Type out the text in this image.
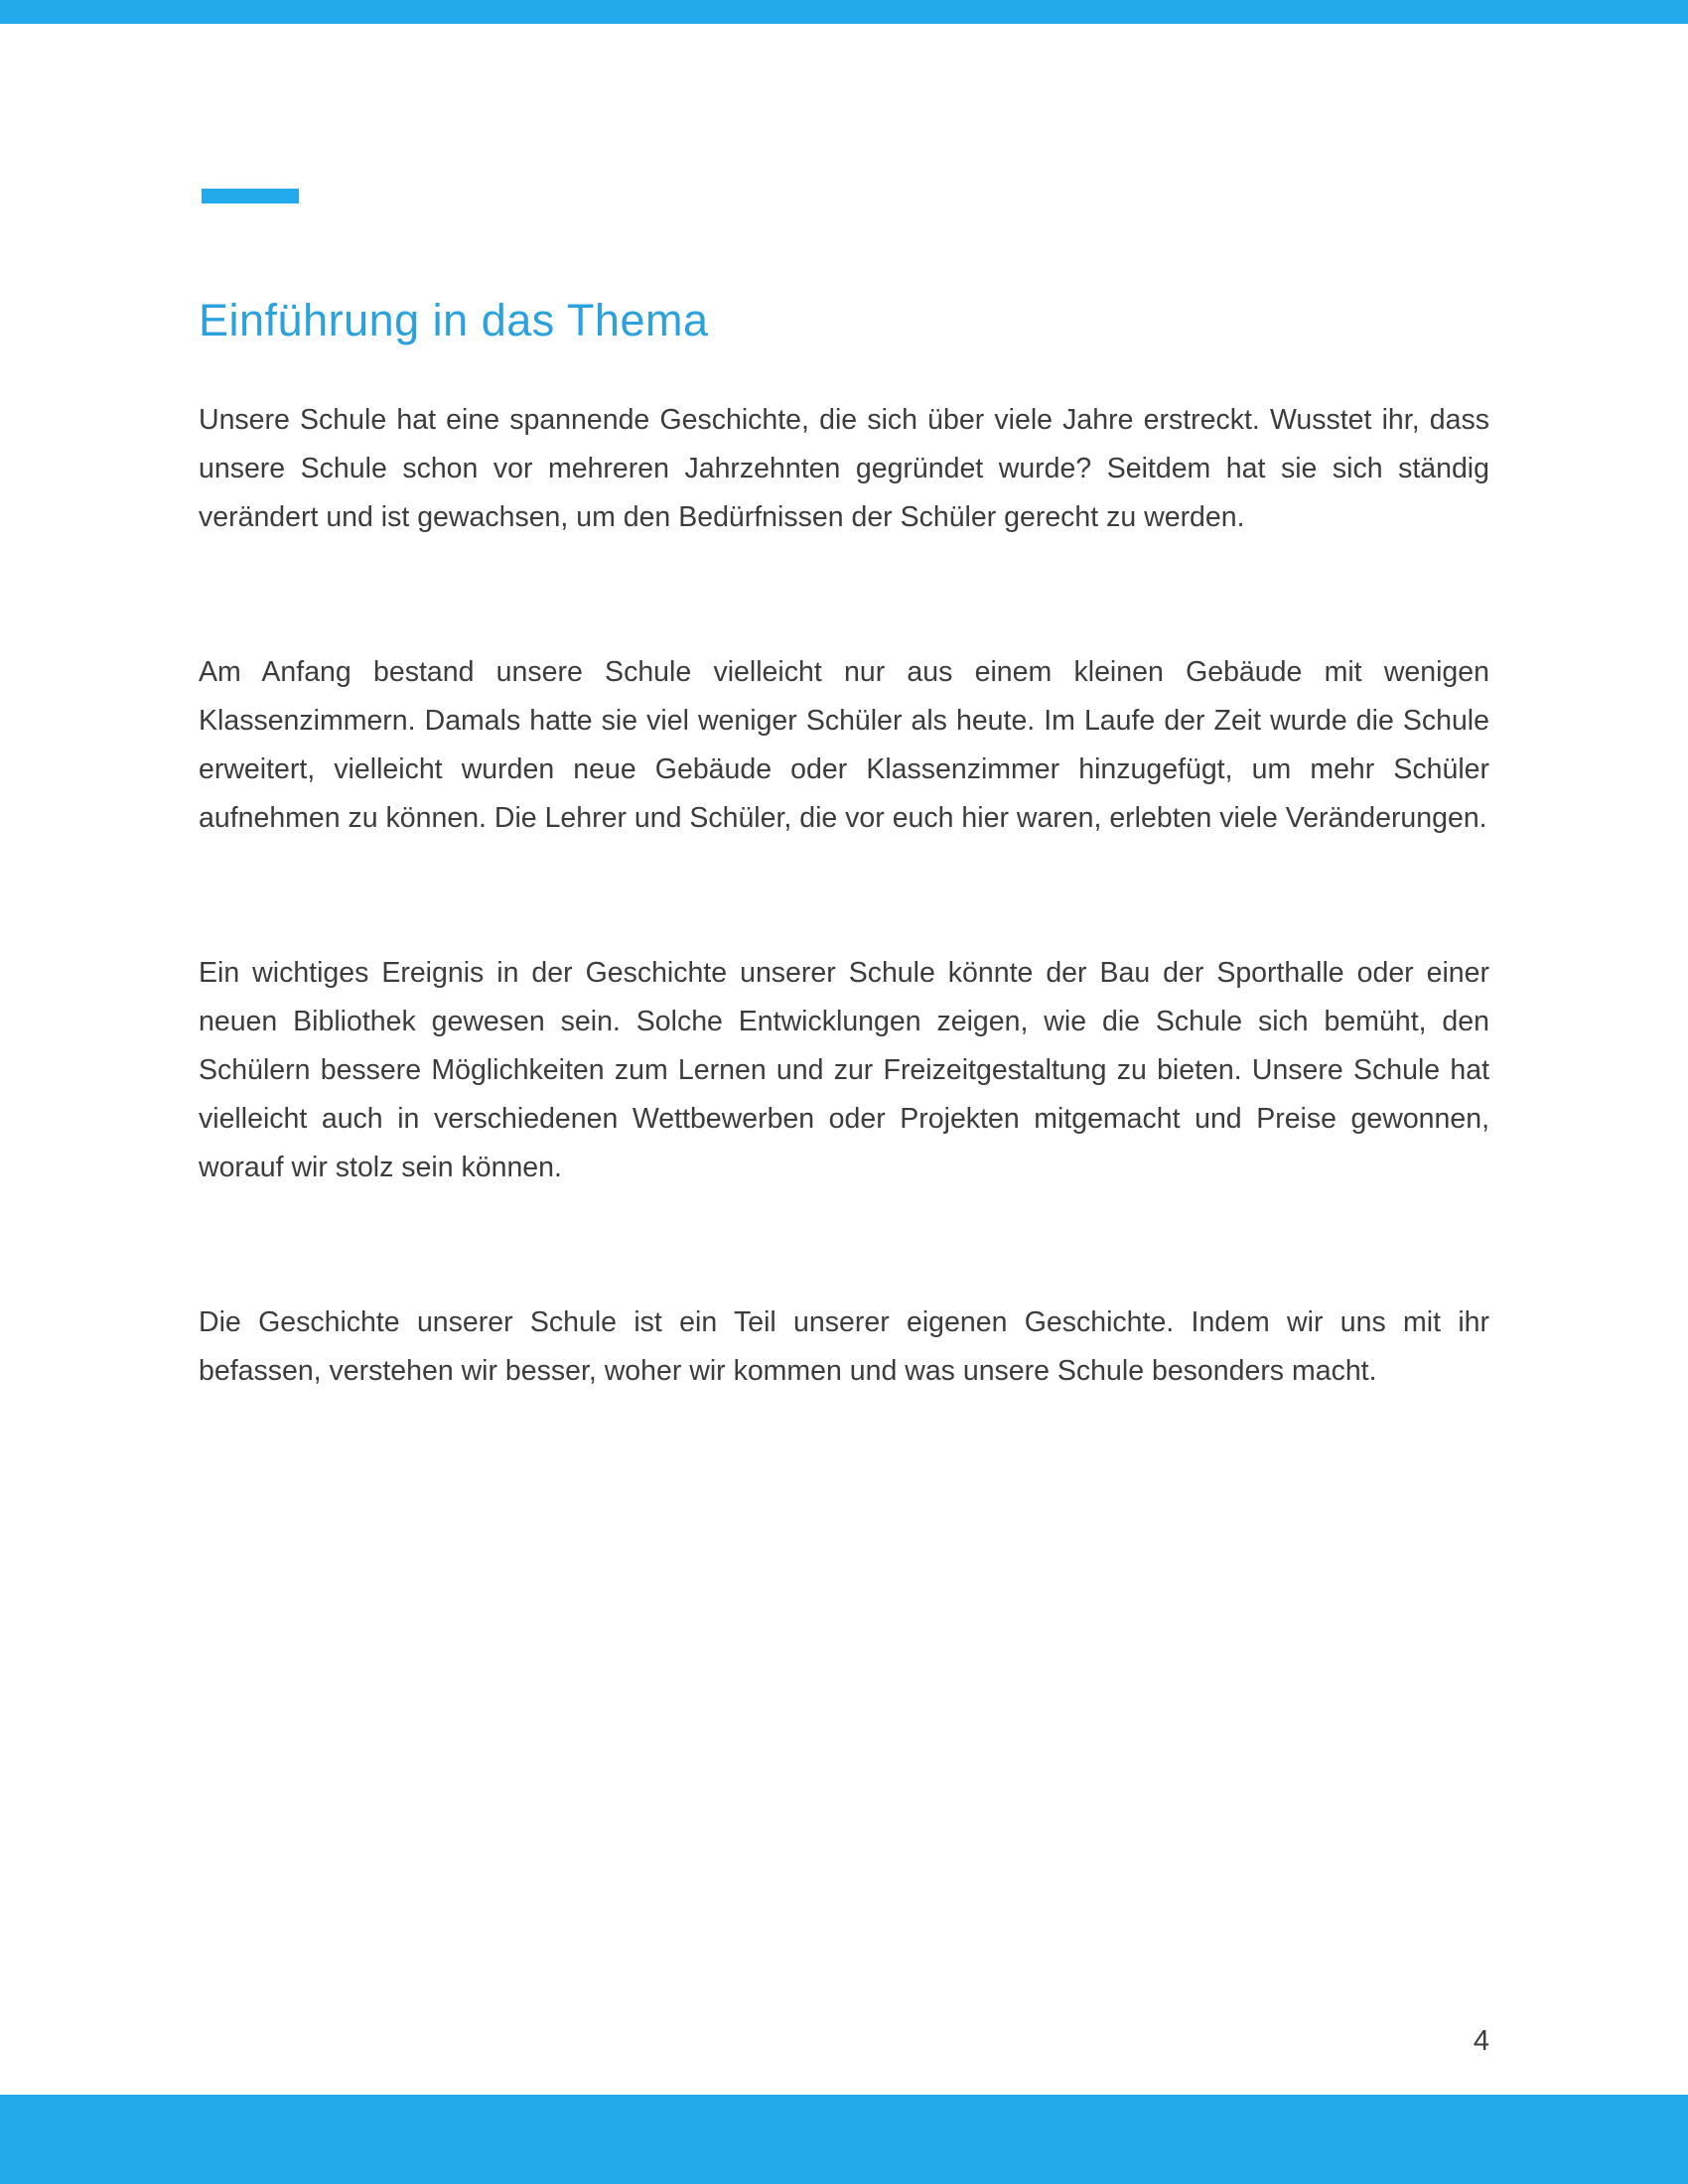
Einführung in das Thema

Unsere Schule hat eine spannende Geschichte, die sich über viele Jahre erstreckt. Wusstet ihr, dass unsere Schule schon vor mehreren Jahrzehnten gegründet wurde? Seitdem hat sie sich ständig verändert und ist gewachsen, um den Bedürfnissen der Schüler gerecht zu werden.

Am Anfang bestand unsere Schule vielleicht nur aus einem kleinen Gebäude mit wenigen Klassenzimmern. Damals hatte sie viel weniger Schüler als heute. Im Laufe der Zeit wurde die Schule erweitert, vielleicht wurden neue Gebäude oder Klassenzimmer hinzugefügt, um mehr Schüler aufnehmen zu können. Die Lehrer und Schüler, die vor euch hier waren, erlebten viele Veränderungen.

Ein wichtiges Ereignis in der Geschichte unserer Schule könnte der Bau der Sporthalle oder einer neuen Bibliothek gewesen sein. Solche Entwicklungen zeigen, wie die Schule sich bemüht, den Schülern bessere Möglichkeiten zum Lernen und zur Freizeitgestaltung zu bieten. Unsere Schule hat vielleicht auch in verschiedenen Wettbewerben oder Projekten mitgemacht und Preise gewonnen, worauf wir stolz sein können.

Die Geschichte unserer Schule ist ein Teil unserer eigenen Geschichte. Indem wir uns mit ihr befassen, verstehen wir besser, woher wir kommen und was unsere Schule besonders macht.

4
